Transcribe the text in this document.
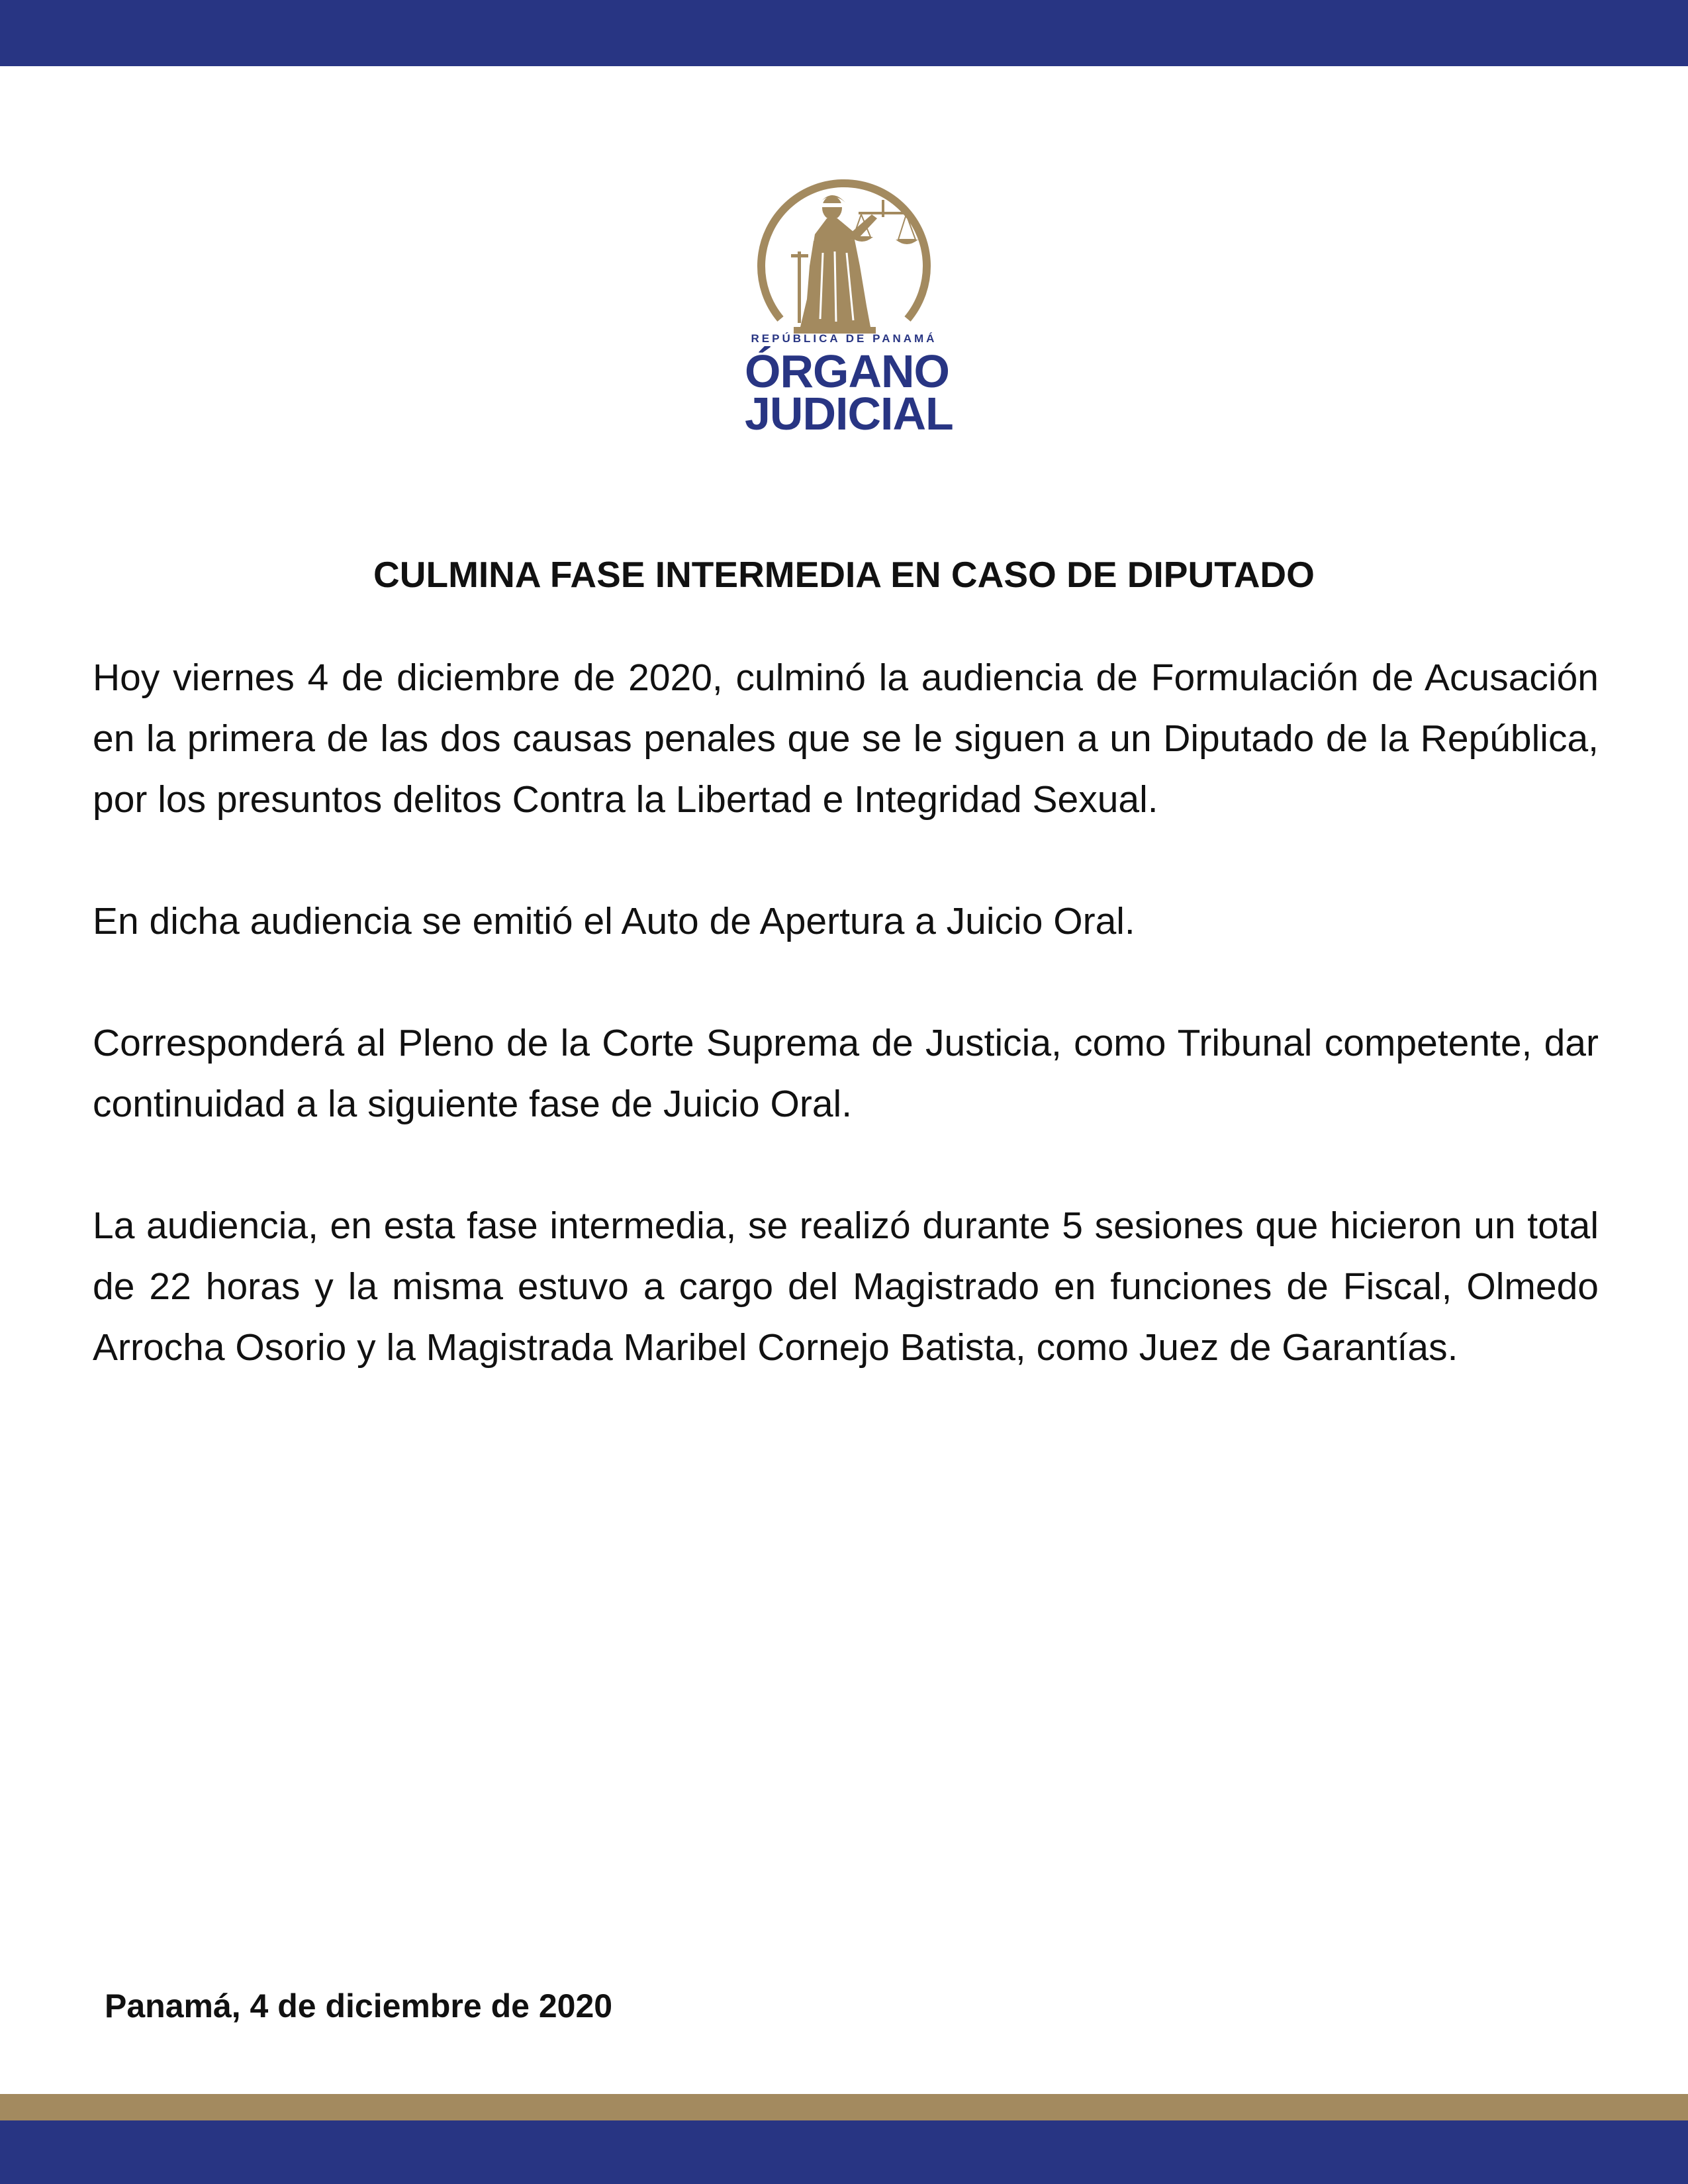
REPÚBLICA DE PANAMÁ
ÓRGANO
JUDICIAL
CULMINA FASE INTERMEDIA EN CASO DE DIPUTADO

Hoy viernes 4 de diciembre de 2020, culminó la audiencia de Formulación de Acusación en la primera de las dos causas penales que se le siguen a un Diputado de la República, por los presuntos delitos Contra la Libertad e Integridad Sexual.

En dicha audiencia se emitió el Auto de Apertura a Juicio Oral.

Corresponderá al Pleno de la Corte Suprema de Justicia, como Tribunal competente, dar continuidad a la siguiente fase de Juicio Oral.

La audiencia, en esta fase intermedia, se realizó durante 5 sesiones que hicieron un total de 22 horas y la misma estuvo a cargo del Magistrado en funciones de Fiscal, Olmedo Arrocha Osorio y la Magistrada Maribel Cornejo Batista, como Juez de Garantías.

Panamá, 4 de diciembre de 2020
